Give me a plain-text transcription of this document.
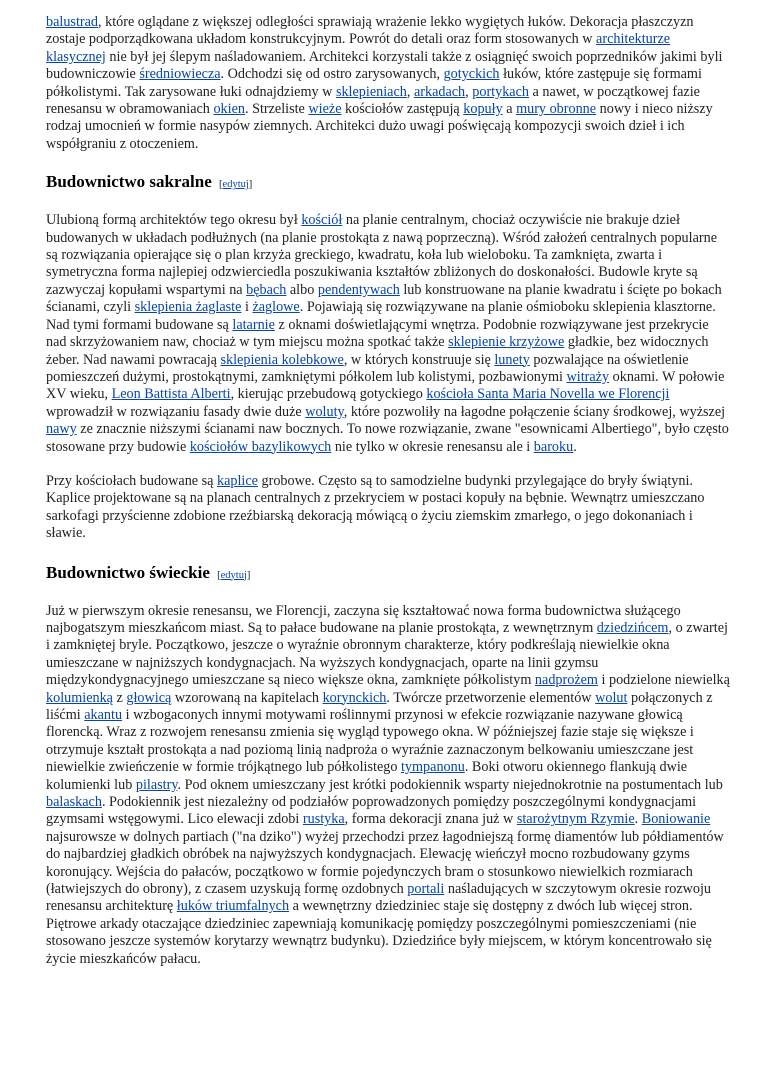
balustrad, które oglądane z większej odległości sprawiają wrażenie lekko wygiętych łuków. Dekoracja płaszczyzn zostaje podporządkowana układom konstrukcyjnym. Powrót do detali oraz form stosowanych w architekturze klasycznej nie był jej ślepym naśladowaniem. Architekci korzystali także z osiągnięć swoich poprzedników jakimi byli budowniczowie średniowiecza. Odchodzi się od ostro zarysowanych, gotyckich łuków, które zastępuje się formami półkolistymi. Tak zarysowane łuki odnajdziemy w sklepieniach, arkadach, portykach a nawet, w początkowej fazie renesansu w obramowaniach okien. Strzeliste wieże kościołów zastępują kopuły a mury obronne nowy i nieco niższy rodzaj umocnień w formie nasypów ziemnych. Architekci dużo uwagi poświęcają kompozycji swoich dzieł i ich współgraniu z otoczeniem.

Budownictwo sakralne [edytuj]

Ulubioną formą architektów tego okresu był kościół na planie centralnym, chociaż oczywiście nie brakuje dzieł budowanych w układach podłużnych (na planie prostokąta z nawą poprzeczną). Wśród założeń centralnych popularne są rozwiązania opierające się o plan krzyża greckiego, kwadratu, koła lub wieloboku. Ta zamknięta, zwarta i symetryczna forma najlepiej odzwierciedla poszukiwania kształtów zbliżonych do doskonałości. Budowle kryte są zazwyczaj kopułami wspartymi na bębach albo pendentywach lub konstruowane na planie kwadratu i ścięte po bokach ścianami, czyli sklepienia żaglaste i żaglowe. Pojawiają się rozwiązywane na planie ośmioboku sklepienia klasztorne. Nad tymi formami budowane są latarnie z oknami doświetlającymi wnętrza. Podobnie rozwiązywane jest przekrycie nad skrzyżowaniem naw, chociaż w tym miejscu można spotkać także sklepienie krzyżowe gładkie, bez widocznych żeber. Nad nawami powracają sklepienia kolebkowe, w których konstruuje się lunety pozwalające na oświetlenie pomieszczeń dużymi, prostokątnymi, zamkniętymi półkolem lub kolistymi, pozbawionymi witraży oknami. W połowie XV wieku, Leon Battista Alberti, kierując przebudową gotyckiego kościoła Santa Maria Novella we Florencji wprowadził w rozwiązaniu fasady dwie duże woluty, które pozwoliły na łagodne połączenie ściany środkowej, wyższej nawy ze znacznie niższymi ścianami naw bocznych. To nowe rozwiązanie, zwane "esownicami Albertiego", było często stosowane przy budowie kościołów bazylikowych nie tylko w okresie renesansu ale i baroku.

Przy kościołach budowane są kaplice grobowe. Często są to samodzielne budynki przylegające do bryły świątyni. Kaplice projektowane są na planach centralnych z przekryciem w postaci kopuły na bębnie. Wewnątrz umieszczano sarkofagi przyścienne zdobione rzeźbiarską dekoracją mówiącą o życiu ziemskim zmarłego, o jego dokonaniach i sławie.

Budownictwo świeckie [edytuj]

Już w pierwszym okresie renesansu, we Florencji, zaczyna się kształtować nowa forma budownictwa służącego najbogatszym mieszkańcom miast. Są to pałace budowane na planie prostokąta, z wewnętrznym dziedzińcem, o zwartej i zamkniętej bryle. Początkowo, jeszcze o wyraźnie obronnym charakterze, który podkreślają niewielkie okna umieszczane w najniższych kondygnacjach. Na wyższych kondygnacjach, oparte na linii gzymsu międzykondygnacyjnego umieszczane są nieco większe okna, zamknięte półkolistym nadprożem i podzielone niewielką kolumienką z głowicą wzorowaną na kapitelach korynckich. Twórcze przetworzenie elementów wolut połączonych z liśćmi akantu i wzbogaconych innymi motywami roślinnymi przynosi w efekcie rozwiązanie nazywane głowicą florencką. Wraz z rozwojem renesansu zmienia się wygląd typowego okna. W późniejszej fazie staje się większe i otrzymuje kształt prostokąta a nad poziomą linią nadproża o wyraźnie zaznaczonym belkowaniu umieszczane jest niewielkie zwieńczenie w formie trójkątnego lub półkolistego tympanonu. Boki otworu okiennego flankują dwie kolumienki lub pilastry. Pod oknem umieszczany jest krótki podokiennik wsparty niejednokrotnie na postumentach lub balaskach. Podokiennik jest niezależny od podziałów poprowadzonych pomiędzy poszczególnymi kondygnacjami gzymsami wstęgowymi. Lico elewacji zdobi rustyka, forma dekoracji znana już w starożytnym Rzymie. Boniowanie najsurowsze w dolnych partiach ("na dziko") wyżej przechodzi przez łagodniejszą formę diamentów lub półdiamentów do najbardziej gładkich obróbek na najwyższych kondygnacjach. Elewację wieńczył mocno rozbudowany gzyms koronujący. Wejścia do pałaców, początkowo w formie pojedynczych bram o stosunkowo niewielkich rozmiarach (łatwiejszych do obrony), z czasem uzyskują formę ozdobnych portali naśladujących w szczytowym okresie rozwoju renesansu architekturę łuków triumfalnych a wewnętrzny dziedziniec staje się dostępny z dwóch lub więcej stron. Piętrowe arkady otaczające dziedziniec zapewniają komunikację pomiędzy poszczególnymi pomieszczeniami (nie stosowano jeszcze systemów korytarzy wewnątrz budynku). Dziedzińce były miejscem, w którym koncentrowało się życie mieszkańców pałacu.
